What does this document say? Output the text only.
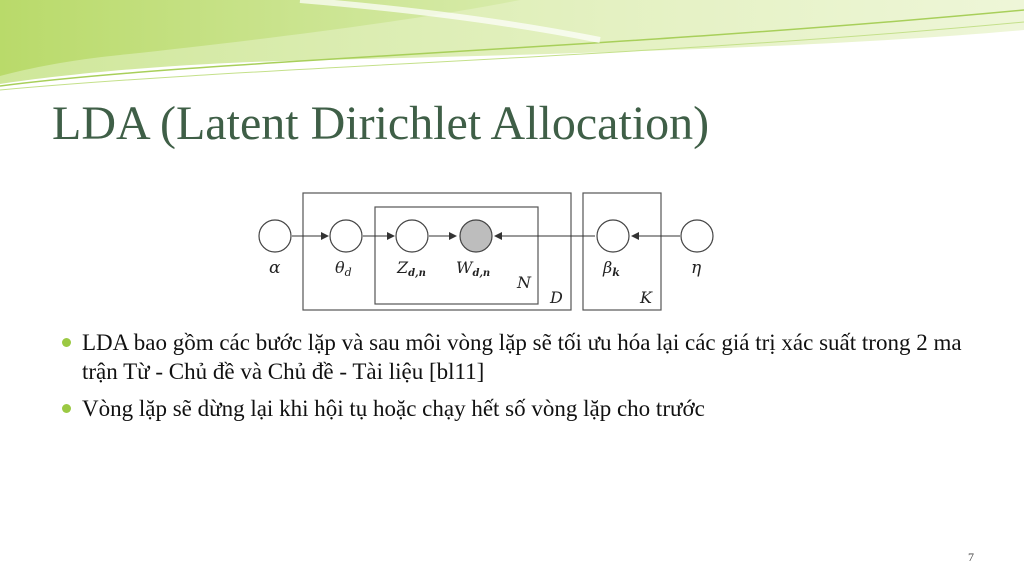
LDA (Latent Dirichlet Allocation)
α	θd	Zd,n Wd,n	βk	η
N
D	K
LDA bao gồm các bước lặp và sau môi vòng lặp sẽ tối ưu hóa lại các giá trị xác suất trong 2 ma trận Từ - Chủ đề và Chủ đề - Tài liệu [bl11]
Vòng lặp sẽ dừng lại khi hội tụ hoặc chạy hết số vòng lặp cho trước
7
